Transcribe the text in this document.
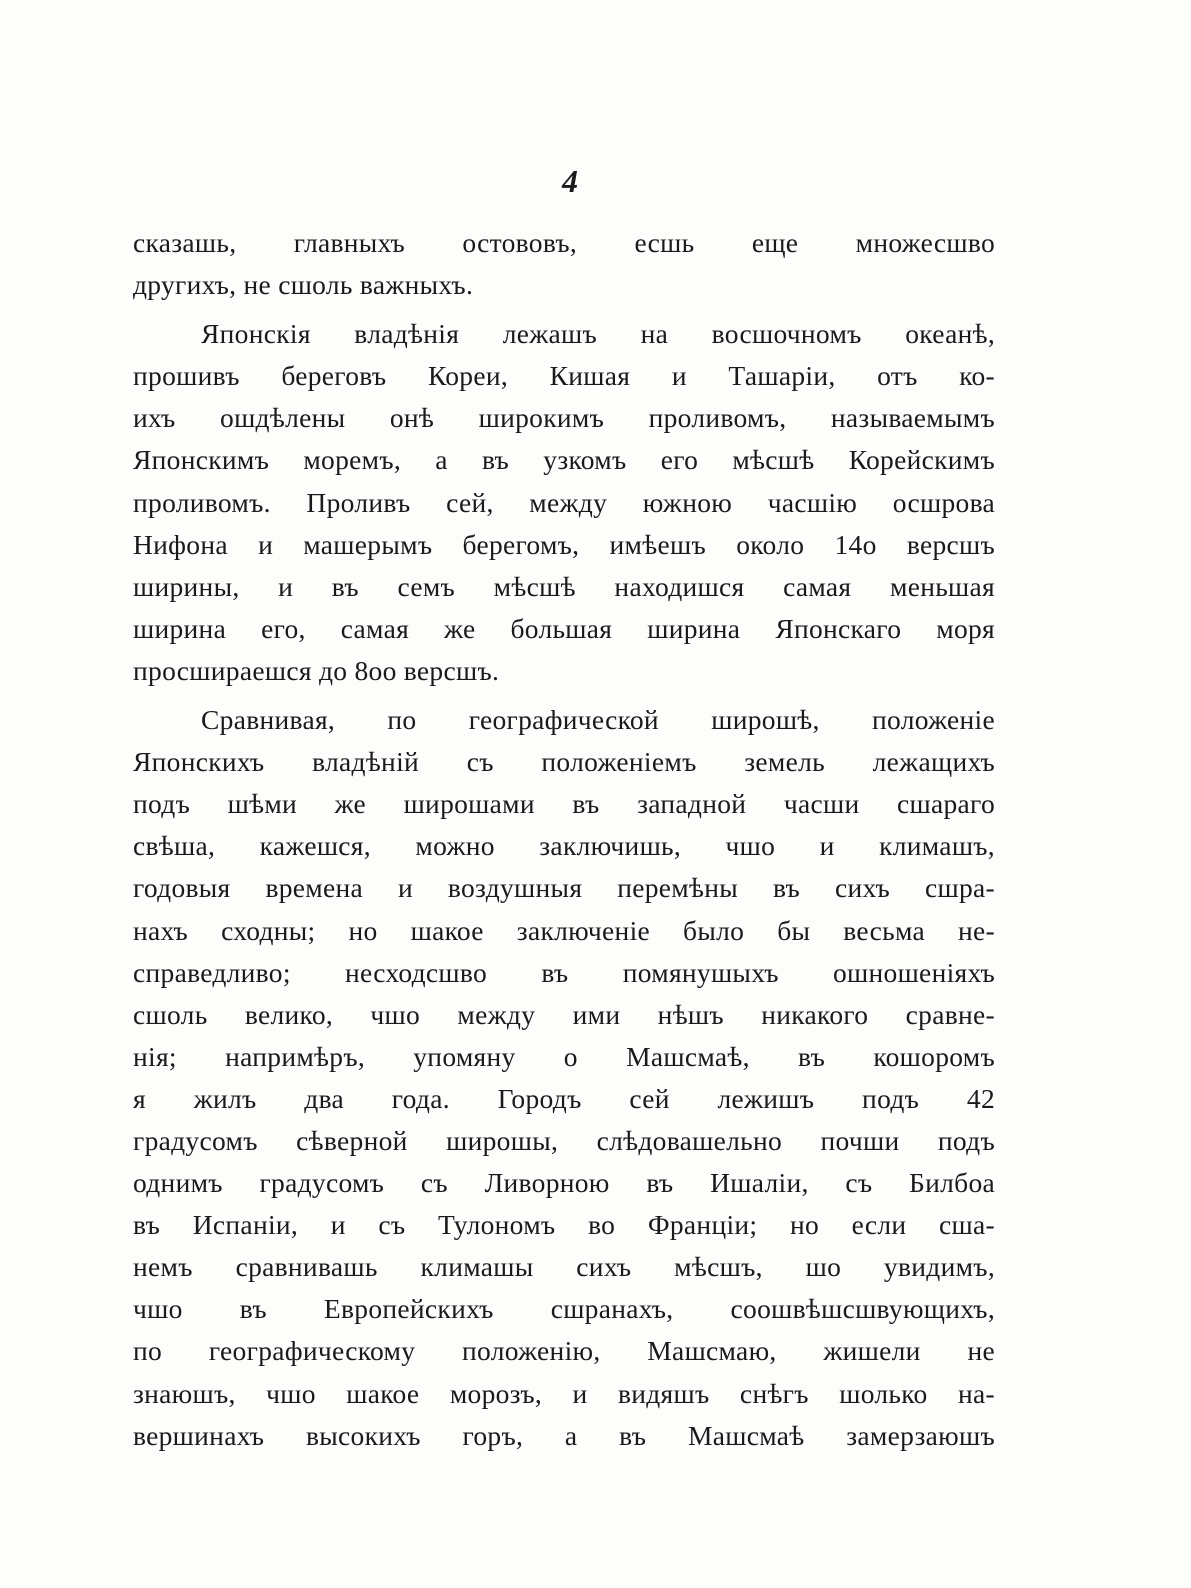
4
сказашь, главныхъ остововъ, есшь еще множесшво
другихъ, не сшоль важныхъ.
Японскія владѣнія лежашъ на восшочномъ океанѣ,
прошивъ береговъ Кореи, Кишая и Ташаріи, отъ ко-
ихъ ошдѣлены онѣ широкимъ проливомъ, называемымъ
Японскимъ моремъ, а въ узкомъ его мѣсшѣ Корейскимъ
проливомъ. Проливъ сей, между южною часшію осшрова
Нифона и машерымъ берегомъ, имѣешъ около 14о версшъ
ширины, и въ семъ мѣсшѣ находишся самая меньшая
ширина его, самая же большая ширина Японскаго моря
просшираешся до 8оо версшъ.
Сравнивая, по географической широшѣ, положеніе
Японскихъ владѣній съ положеніемъ земель лежащихъ
подъ шѣми же широшами въ западной часши сшараго
свѣша, кажешся, можно заключишь, чшо и климашъ,
годовыя времена и воздушныя перемѣны въ сихъ сшра-
нахъ сходны; но шакое заключеніе было бы весьма не-
справедливо; несходсшво въ помянушыхъ ошношеніяхъ
сшоль велико, чшо между ими нѣшъ никакого сравне-
нія; напримѣръ, упомяну о Машсмаѣ, въ кошоромъ
я жилъ два года. Городъ сей лежишъ подъ 42
градусомъ сѣверной широшы, слѣдовашельно почши подъ
однимъ градусомъ съ Ливорною въ Ишаліи, съ Билбоа
въ Испаніи, и съ Тулономъ во Франціи; но если сша-
немъ сравнивашь климашы сихъ мѣсшъ, шо увидимъ,
чшо въ Европейскихъ сшранахъ, соошвѣшсшвующихъ,
по географическому положенію, Машсмаю, жишели не
знаюшъ, чшо шакое морозъ, и видяшъ снѣгъ шолько на-
вершинахъ высокихъ горъ, а въ Машсмаѣ замерзаюшъ
